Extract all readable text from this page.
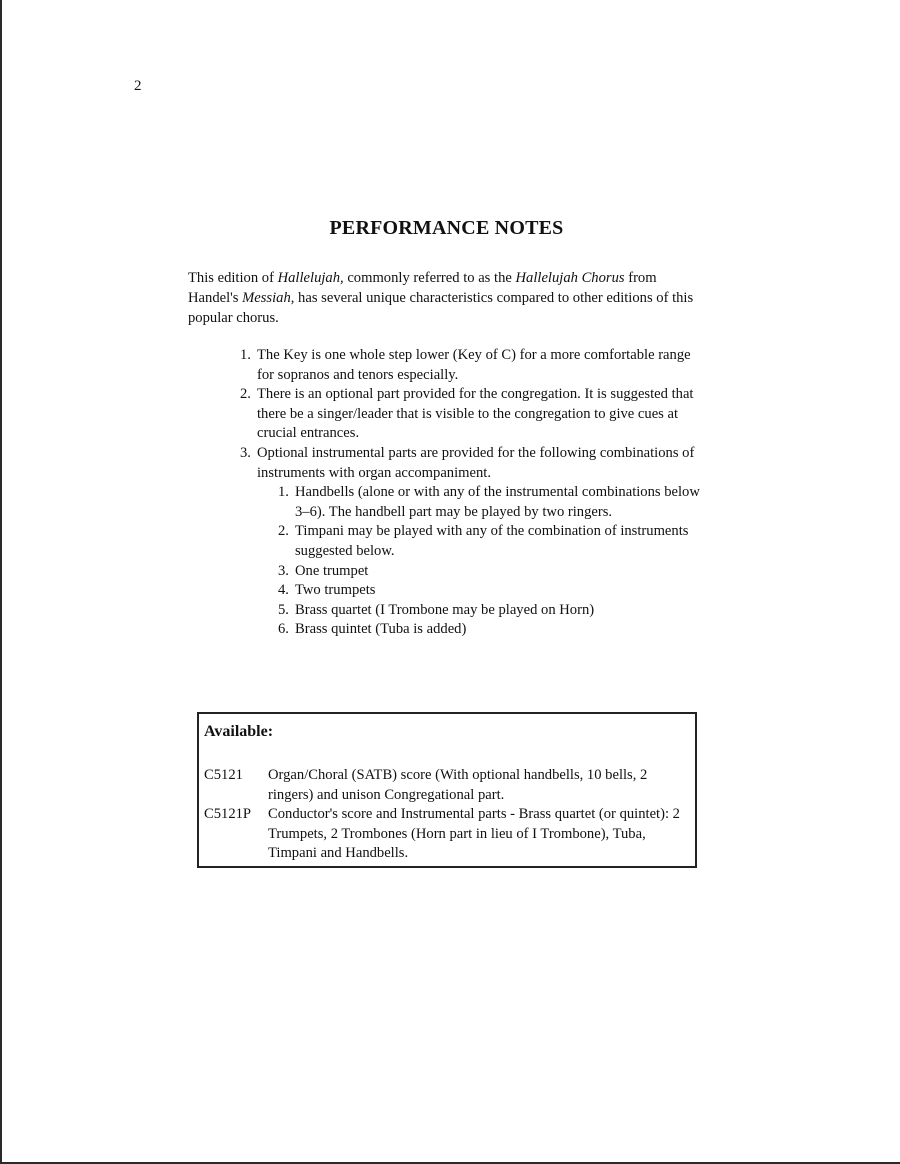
2
PERFORMANCE NOTES

This edition of Hallelujah, commonly referred to as the Hallelujah Chorus from Handel's Messiah, has several unique characteristics compared to other editions of this popular chorus.

1. The Key is one whole step lower (Key of C) for a more comfortable range for sopranos and tenors especially.
2. There is an optional part provided for the congregation. It is suggested that there be a singer/leader that is visible to the congregation to give cues at crucial entrances.
3. Optional instrumental parts are provided for the following combinations of instruments with organ accompaniment.
1. Handbells (alone or with any of the instrumental combinations below 3–6). The handbell part may be played by two ringers.
2. Timpani may be played with any of the combination of instruments suggested below.
3. One trumpet
4. Two trumpets
5. Brass quartet (I Trombone may be played on Horn)
6. Brass quintet (Tuba is added)
Available:
C5121 Organ/Choral (SATB) score (With optional handbells, 10 bells, 2 ringers) and unison Congregational part.
C5121P Conductor's score and Instrumental parts - Brass quartet (or quintet): 2 Trumpets, 2 Trombones (Horn part in lieu of I Trombone), Tuba, Timpani and Handbells.
